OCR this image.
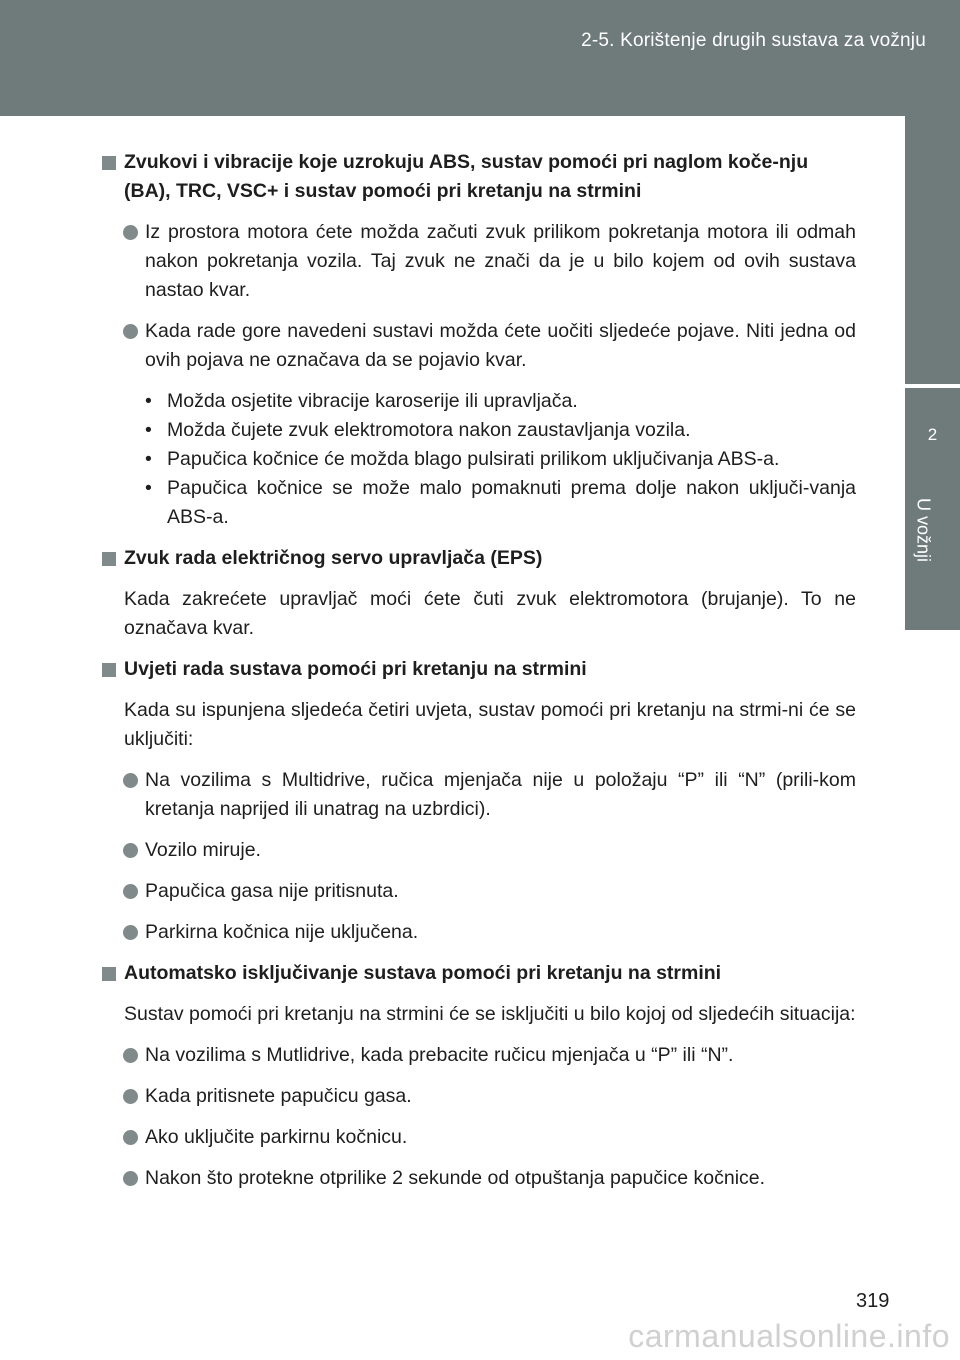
2-5. Korištenje drugih sustava za vožnju
2
U vožnji
Zvukovi i vibracije koje uzrokuju ABS, sustav pomoći pri naglom koče-nju (BA), TRC, VSC+ i sustav pomoći pri kretanju na strmini
Iz prostora motora ćete možda začuti zvuk prilikom pokretanja motora ili odmah nakon pokretanja vozila. Taj zvuk ne znači da je u bilo kojem od ovih sustava nastao kvar.
Kada rade gore navedeni sustavi možda ćete uočiti sljedeće pojave. Niti jedna od ovih pojava ne označava da se pojavio kvar.
• Možda osjetite vibracije karoserije ili upravljača.
• Možda čujete zvuk elektromotora nakon zaustavljanja vozila.
• Papučica kočnice će možda blago pulsirati prilikom uključivanja ABS-a.
• Papučica kočnice se može malo pomaknuti prema dolje nakon uključi-vanja ABS-a.
Zvuk rada električnog servo upravljača (EPS)
Kada zakrećete upravljač moći ćete čuti zvuk elektromotora (brujanje). To ne označava kvar.
Uvjeti rada sustava pomoći pri kretanju na strmini
Kada su ispunjena sljedeća četiri uvjeta, sustav pomoći pri kretanju na strmi-ni će se uključiti:
Na vozilima s Multidrive, ručica mjenjača nije u položaju “P” ili “N” (prili-kom kretanja naprijed ili unatrag na uzbrdici).
Vozilo miruje.
Papučica gasa nije pritisnuta.
Parkirna kočnica nije uključena.
Automatsko isključivanje sustava pomoći pri kretanju na strmini
Sustav pomoći pri kretanju na strmini će se isključiti u bilo kojoj od sljedećih situacija:
Na vozilima s Mutlidrive, kada prebacite ručicu mjenjača u “P” ili “N”.
Kada pritisnete papučicu gasa.
Ako uključite parkirnu kočnicu.
Nakon što protekne otprilike 2 sekunde od otpuštanja papučice kočnice.
319
carmanualsonline.info
